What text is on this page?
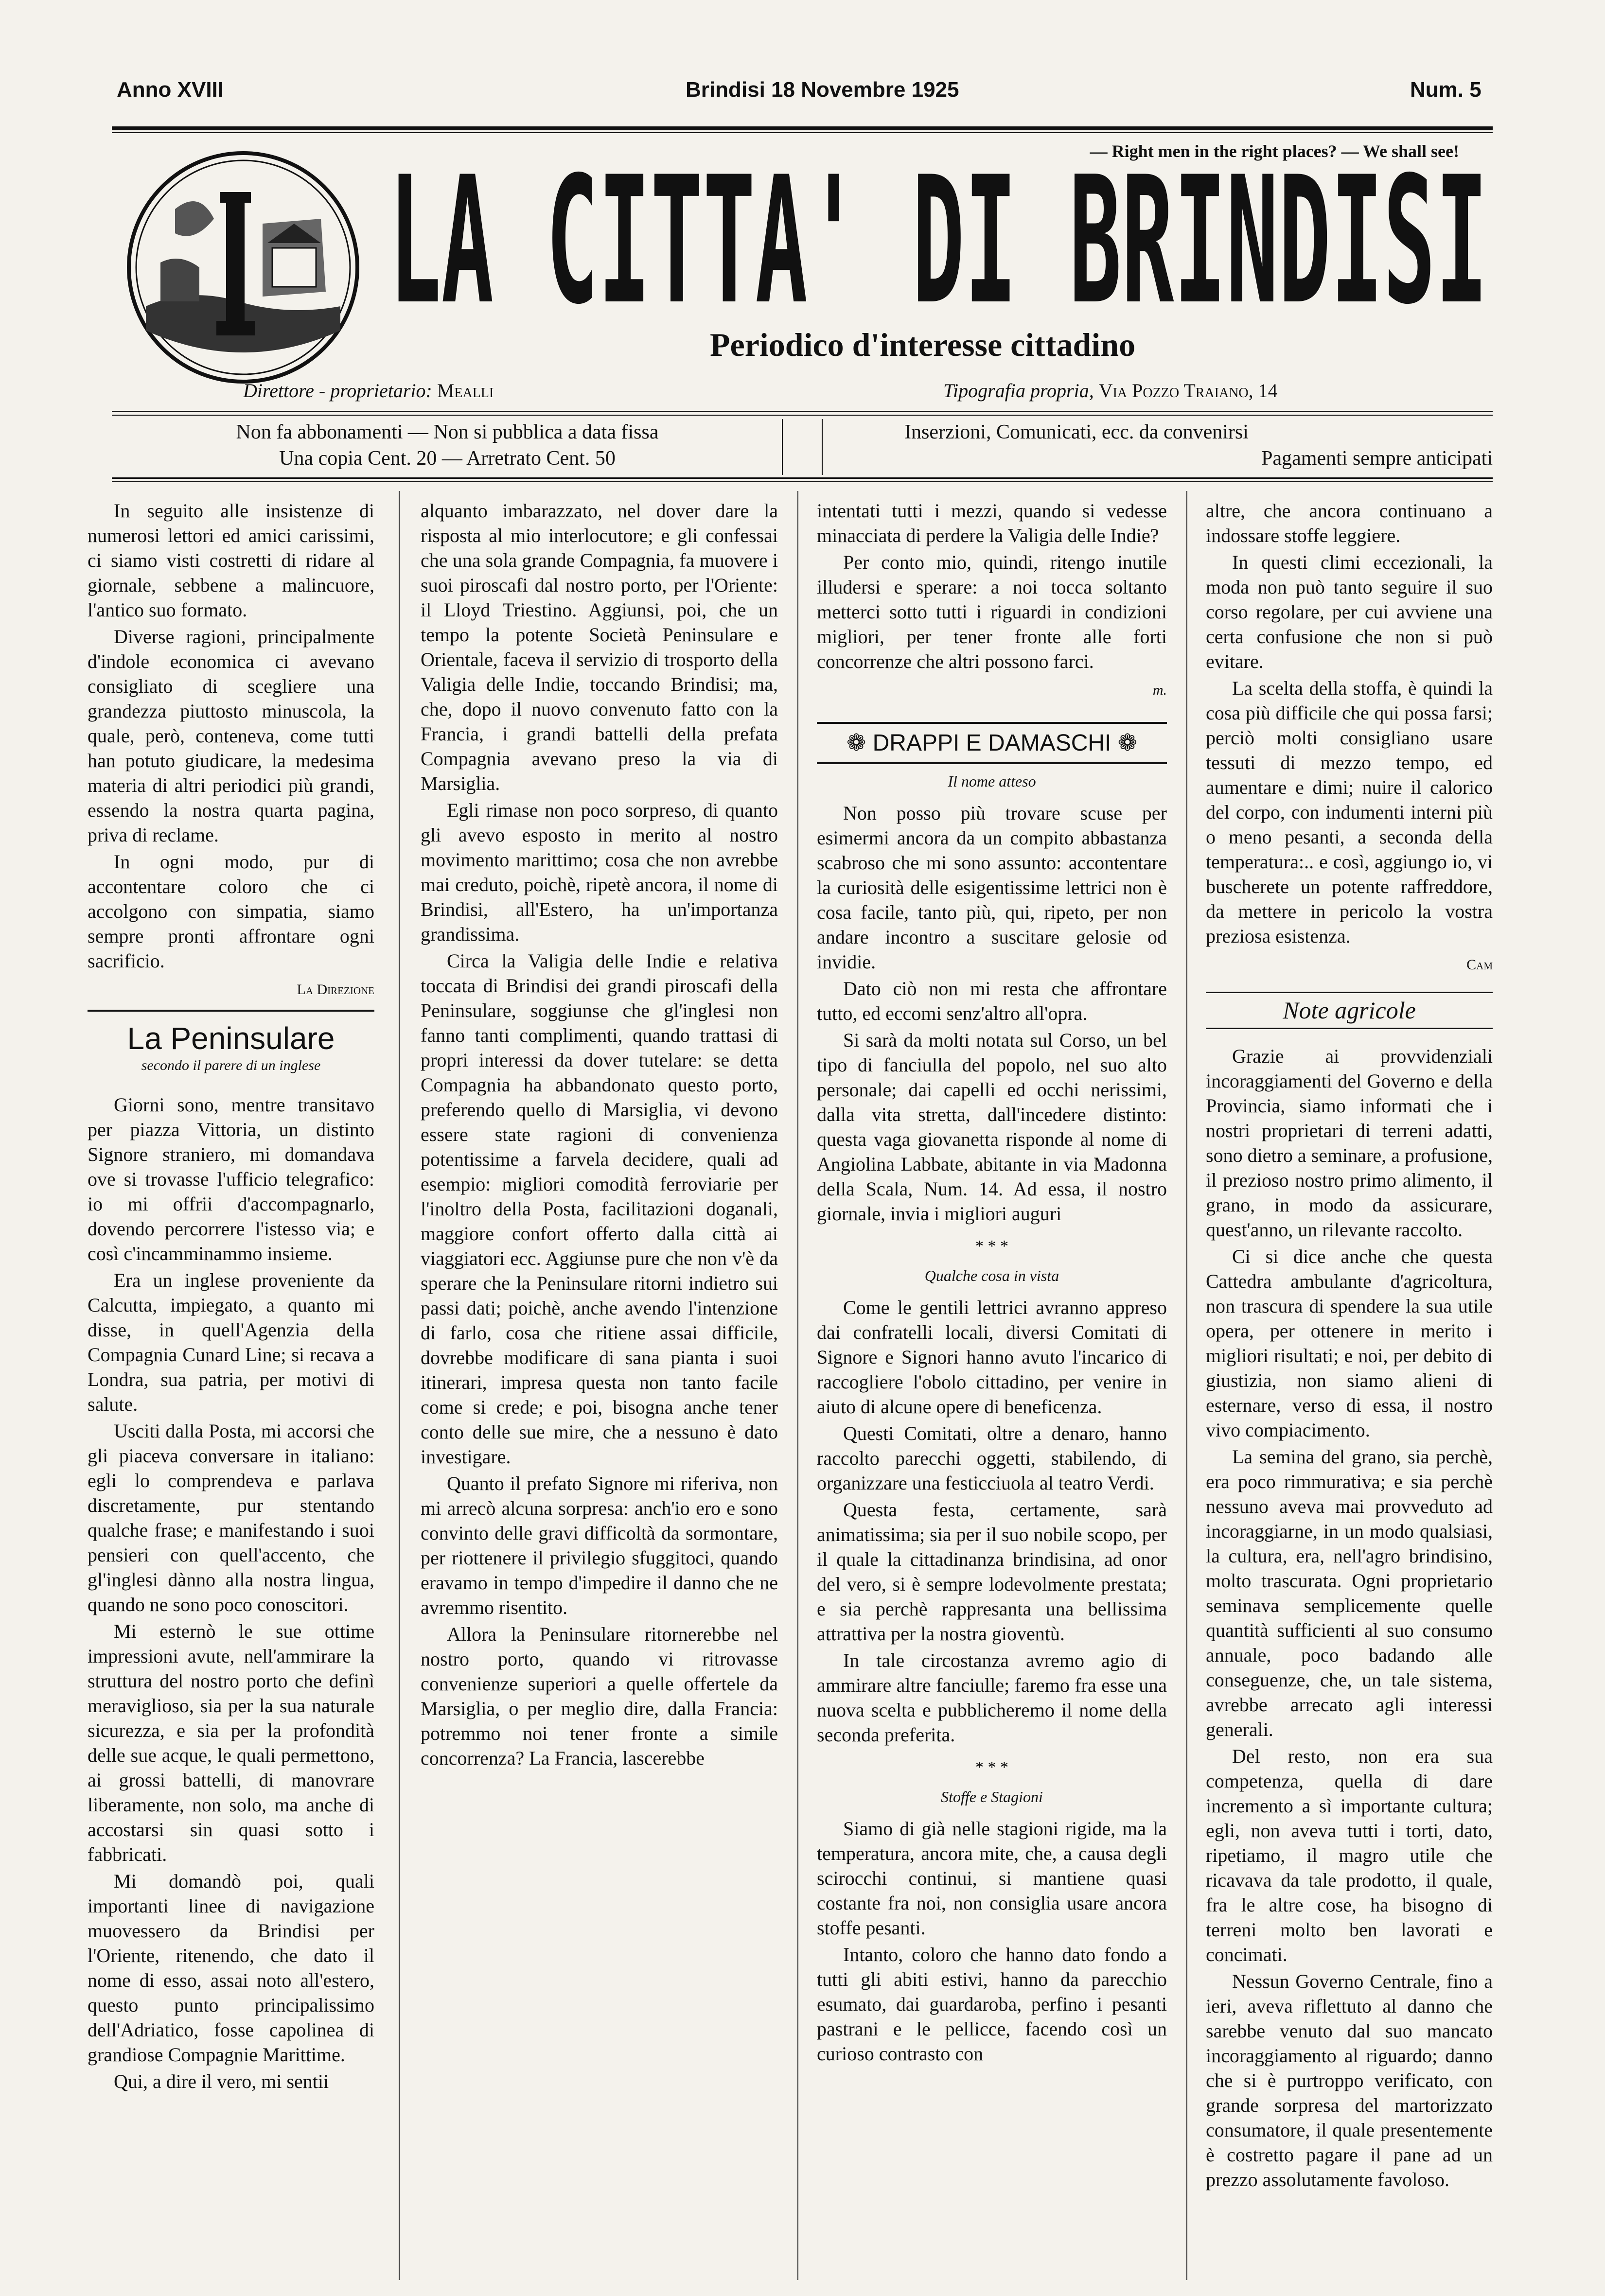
Anno XVIII	Brindisi 18 Novembre 1925	Num. 5
— Right men in the right places? — We shall see!
LA CITTA' DI BRINDISI
Periodico d'interesse cittadino
Direttore - proprietario: Mealli	Tipografia propria, Via Pozzo Traiano, 14
Non fa abbonamenti — Non si pubblica a data fissa
Una copia Cent. 20 — Arretrato Cent. 50
Inserzioni, Comunicati, ecc. da convenirsi
Pagamenti sempre anticipati

In seguito alle insistenze di numerosi lettori ed amici carissimi, ci siamo visti costretti di ridare al giornale, sebbene a malincuore, l'antico suo formato.

Diverse ragioni, principalmente d'indole economica ci avevano consigliato di scegliere una grandezza piuttosto minuscola, la quale, però, conteneva, come tutti han potuto giudicare, la medesima materia di altri periodici più grandi, essendo la nostra quarta pagina, priva di reclame.

In ogni modo, pur di accontentare coloro che ci accolgono con simpatia, siamo sempre pronti affrontare ogni sacrificio.

La Direzione

La Peninsulare
secondo il parere di un inglese

Giorni sono, mentre transitavo per piazza Vittoria, un distinto Signore straniero, mi domandava ove si trovasse l'ufficio telegrafico: io mi offrii d'accompagnarlo, dovendo percorrere l'istesso via; e così c'incamminammo insieme.

Era un inglese proveniente da Calcutta, impiegato, a quanto mi disse, in quell'Agenzia della Compagnia Cunard Line; si recava a Londra, sua patria, per motivi di salute.

Usciti dalla Posta, mi accorsi che gli piaceva conversare in italiano: egli lo comprendeva e parlava discretamente, pur stentando qualche frase; e manifestando i suoi pensieri con quell'accento, che gl'inglesi dànno alla nostra lingua, quando ne sono poco conoscitori.

Mi esternò le sue ottime impressioni avute, nell'ammirare la struttura del nostro porto che definì meraviglioso, sia per la sua naturale sicurezza, e sia per la profondità delle sue acque, le quali permettono, ai grossi battelli, di manovrare liberamente, non solo, ma anche di accostarsi sin quasi sotto i fabbricati.

Mi domandò poi, quali importanti linee di navigazione muovessero da Brindisi per l'Oriente, ritenendo, che dato il nome di esso, assai noto all'estero, questo punto principalissimo dell'Adriatico, fosse capolinea di grandiose Compagnie Marittime.

Qui, a dire il vero, mi sentii

alquanto imbarazzato, nel dover dare la risposta al mio interlocutore; e gli confessai che una sola grande Compagnia, fa muovere i suoi piroscafi dal nostro porto, per l'Oriente: il Lloyd Triestino. Aggiunsi, poi, che un tempo la potente Società Peninsulare e Orientale, faceva il servizio di trosporto della Valigia delle Indie, toccando Brindisi; ma, che, dopo il nuovo convenuto fatto con la Francia, i grandi battelli della prefata Compagnia avevano preso la via di Marsiglia.

Egli rimase non poco sorpreso, di quanto gli avevo esposto in merito al nostro movimento marittimo; cosa che non avrebbe mai creduto, poichè, ripetè ancora, il nome di Brindisi, all'Estero, ha un'importanza grandissima.

Circa la Valigia delle Indie e relativa toccata di Brindisi dei grandi piroscafi della Peninsulare, soggiunse che gl'inglesi non fanno tanti complimenti, quando trattasi di propri interessi da dover tutelare: se detta Compagnia ha abbandonato questo porto, preferendo quello di Marsiglia, vi devono essere state ragioni di convenienza potentissime a farvela decidere, quali ad esempio: migliori comodità ferroviarie per l'inoltro della Posta, facilitazioni doganali, maggiore confort offerto dalla città ai viaggiatori ecc. Aggiunse pure che non v'è da sperare che la Peninsulare ritorni indietro sui passi dati; poichè, anche avendo l'intenzione di farlo, cosa che ritiene assai difficile, dovrebbe modificare di sana pianta i suoi itinerari, impresa questa non tanto facile come si crede; e poi, bisogna anche tener conto delle sue mire, che a nessuno è dato investigare.

Quanto il prefato Signore mi riferiva, non mi arrecò alcuna sorpresa: anch'io ero e sono convinto delle gravi difficoltà da sormontare, per riottenere il privilegio sfuggitoci, quando eravamo in tempo d'impedire il danno che ne avremmo risentito.

Allora la Peninsulare ritornerebbe nel nostro porto, quando vi ritrovasse convenienze superiori a quelle offertele da Marsiglia, o per meglio dire, dalla Francia: potremmo noi tener fronte a simile concorrenza? La Francia, lascerebbe

intentati tutti i mezzi, quando si vedesse minacciata di perdere la Valigia delle Indie?

Per conto mio, quindi, ritengo inutile illudersi e sperare: a noi tocca soltanto metterci sotto tutti i riguardi in condizioni migliori, per tener fronte alle forti concorrenze che altri possono farci.

m.

❁ DRAPPI E DAMASCHI ❁
Il nome atteso

Non posso più trovare scuse per esimermi ancora da un compito abbastanza scabroso che mi sono assunto: accontentare la curiosità delle esigentissime lettrici non è cosa facile, tanto più, qui, ripeto, per non andare incontro a suscitare gelosie od invidie.

Dato ciò non mi resta che affrontare tutto, ed eccomi senz'altro all'opra.

Si sarà da molti notata sul Corso, un bel tipo di fanciulla del popolo, nel suo alto personale; dai capelli ed occhi nerissimi, dalla vita stretta, dall'incedere distinto: questa vaga giovanetta risponde al nome di Angiolina Labbate, abitante in via Madonna della Scala, Num. 14. Ad essa, il nostro giornale, invia i migliori auguri

* * *
Qualche cosa in vista

Come le gentili lettrici avranno appreso dai confratelli locali, diversi Comitati di Signore e Signori hanno avuto l'incarico di raccogliere l'obolo cittadino, per venire in aiuto di alcune opere di beneficenza.

Questi Comitati, oltre a denaro, hanno raccolto parecchi oggetti, stabilendo, di organizzare una festicciuola al teatro Verdi.

Questa festa, certamente, sarà animatissima; sia per il suo nobile scopo, per il quale la cittadinanza brindisina, ad onor del vero, si è sempre lodevolmente prestata; e sia perchè rappresanta una bellissima attrattiva per la nostra gioventù.

In tale circostanza avremo agio di ammirare altre fanciulle; faremo fra esse una nuova scelta e pubblicheremo il nome della seconda preferita.

* * *
Stoffe e Stagioni

Siamo di già nelle stagioni rigide, ma la temperatura, ancora mite, che, a causa degli scirocchi continui, si mantiene quasi costante fra noi, non consiglia usare ancora stoffe pesanti.

Intanto, coloro che hanno dato fondo a tutti gli abiti estivi, hanno da parecchio esumato, dai guardaroba, perfino i pesanti pastrani e le pellicce, facendo così un curioso contrasto con

altre, che ancora continuano a indossare stoffe leggiere.

In questi climi eccezionali, la moda non può tanto seguire il suo corso regolare, per cui avviene una certa confusione che non si può evitare.

La scelta della stoffa, è quindi la cosa più difficile che qui possa farsi; perciò molti consigliano usare tessuti di mezzo tempo, ed aumentare e dimi; nuire il calorico del corpo, con indumenti interni più o meno pesanti, a seconda della temperatura:.. e così, aggiungo io, vi buscherete un potente raffreddore, da mettere in pericolo la vostra preziosa esistenza.

Cam

Note agricole

Grazie ai provvidenziali incoraggiamenti del Governo e della Provincia, siamo informati che i nostri proprietari di terreni adatti, sono dietro a seminare, a profusione, il prezioso nostro primo alimento, il grano, in modo da assicurare, quest'anno, un rilevante raccolto.

Ci si dice anche che questa Cattedra ambulante d'agricoltura, non trascura di spendere la sua utile opera, per ottenere in merito i migliori risultati; e noi, per debito di giustizia, non siamo alieni di esternare, verso di essa, il nostro vivo compiacimento.

La semina del grano, sia perchè, era poco rimmurativa; e sia perchè nessuno aveva mai provveduto ad incoraggiarne, in un modo qualsiasi, la cultura, era, nell'agro brindisino, molto trascurata. Ogni proprietario seminava semplicemente quelle quantità sufficienti al suo consumo annuale, poco badando alle conseguenze, che, un tale sistema, avrebbe arrecato agli interessi generali.

Del resto, non era sua competenza, quella di dare incremento a sì importante cultura; egli, non aveva tutti i torti, dato, ripetiamo, il magro utile che ricavava da tale prodotto, il quale, fra le altre cose, ha bisogno di terreni molto ben lavorati e concimati.

Nessun Governo Centrale, fino a ieri, aveva riflettuto al danno che sarebbe venuto dal suo mancato incoraggiamento al riguardo; danno che si è purtroppo verificato, con grande sorpresa del martorizzato consumatore, il quale presentemente è costretto pagare il pane ad un prezzo assolutamente favoloso.
